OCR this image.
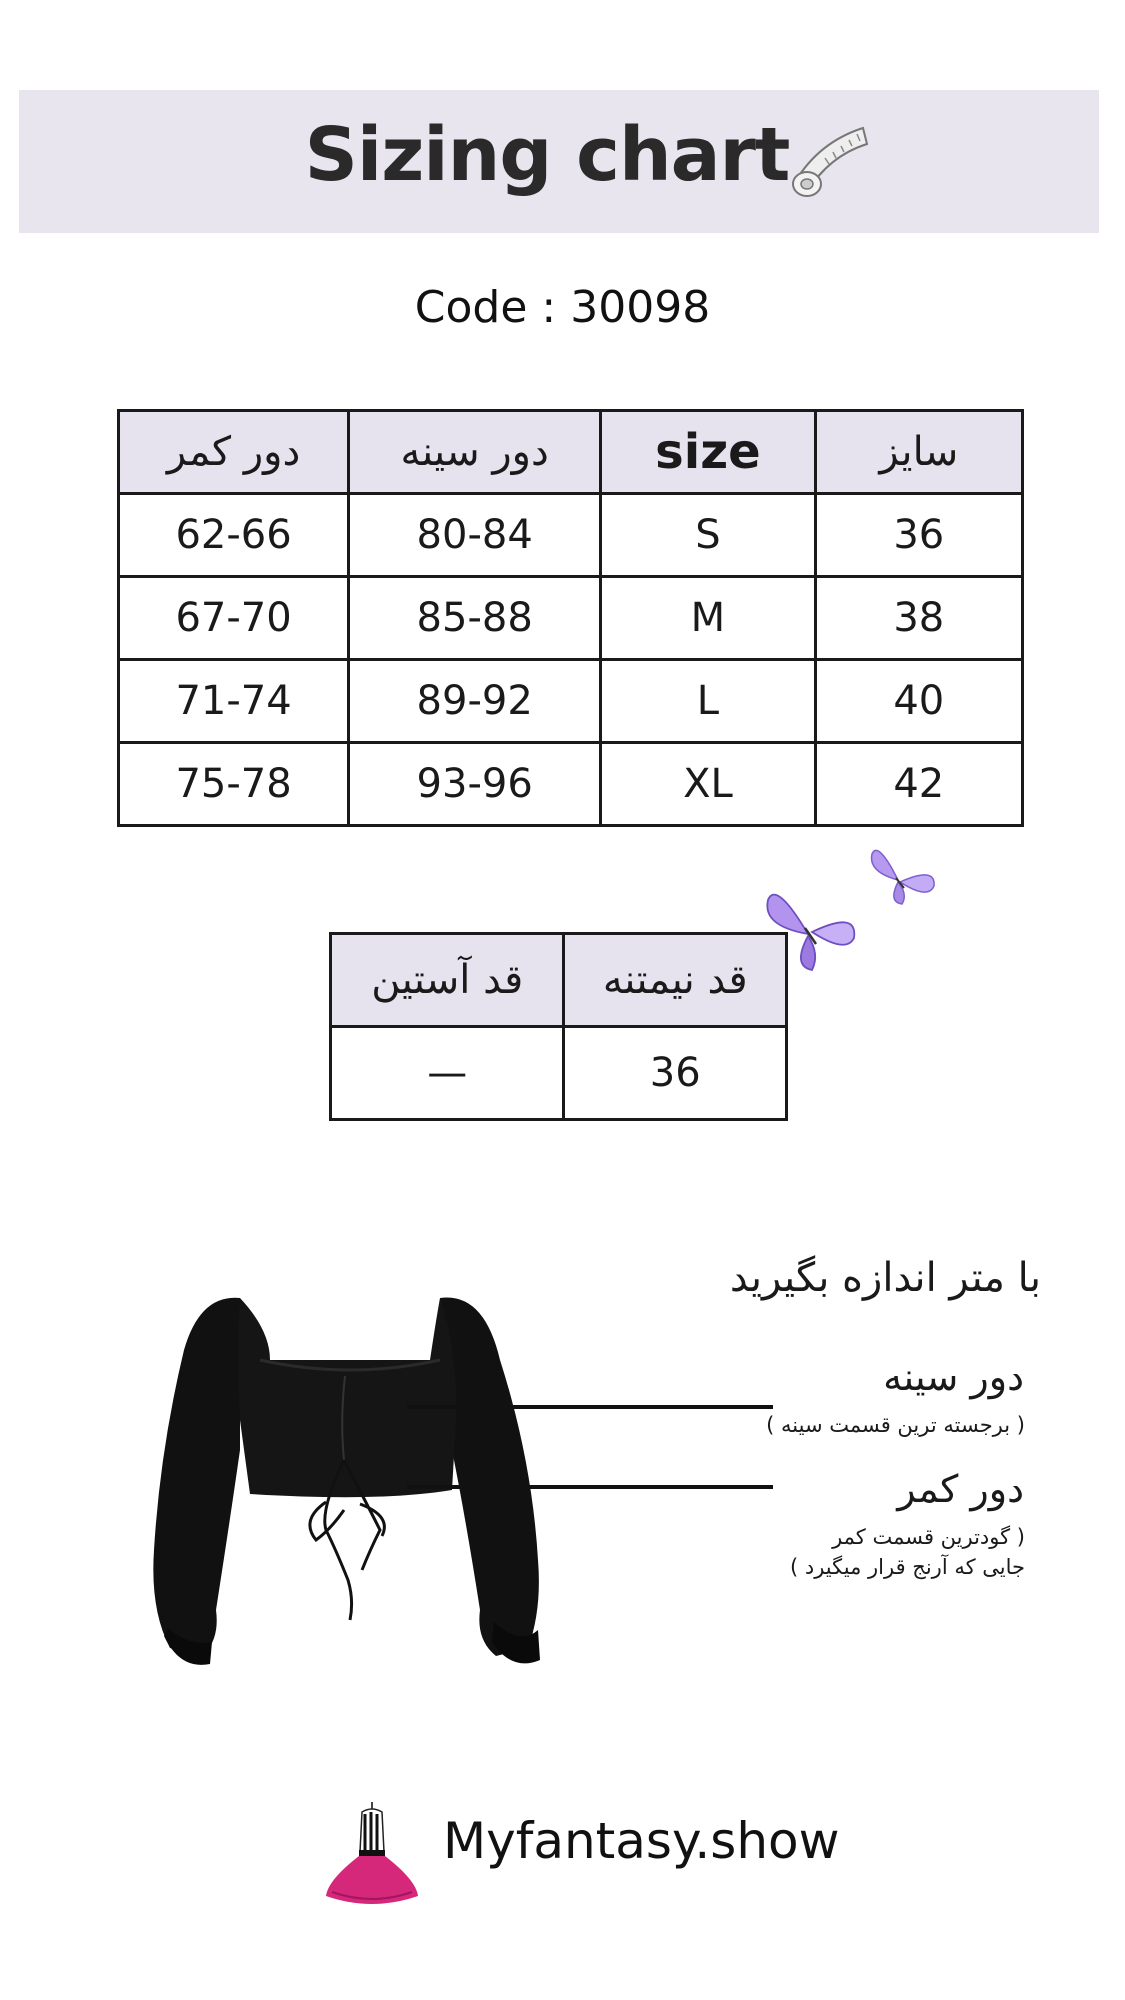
Sizing chart
Code : 30098
دور کمر	دور سینه	size	سایز
62-66	80-84	S	36
67-70	85-88	M	38
71-74	89-92	L	40
75-78	93-96	XL	42
قد آستین	قد نیمتنه
—	36
با متر اندازه بگیرید
دور سینه
( برجسته ترین قسمت سینه )
دور کمر
( گودترین قسمت کمر
جایی که آرنج قرار میگیرد )
Myfantasy.show
